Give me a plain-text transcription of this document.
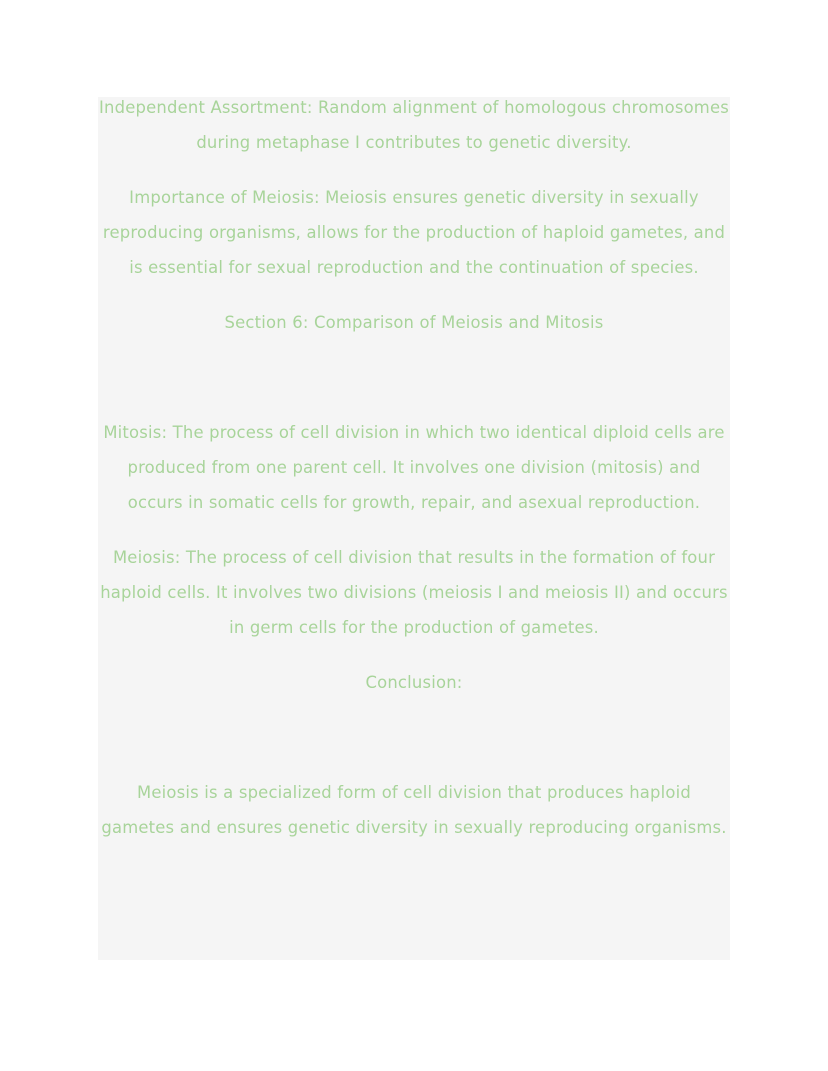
Independent Assortment: Random alignment of homologous chromosomes during metaphase I contributes to genetic diversity.

Importance of Meiosis: Meiosis ensures genetic diversity in sexually reproducing organisms, allows for the production of haploid gametes, and is essential for sexual reproduction and the continuation of species.

Section 6: Comparison of Meiosis and Mitosis

Mitosis: The process of cell division in which two identical diploid cells are produced from one parent cell. It involves one division (mitosis) and occurs in somatic cells for growth, repair, and asexual reproduction.

Meiosis: The process of cell division that results in the formation of four haploid cells. It involves two divisions (meiosis I and meiosis II) and occurs in germ cells for the production of gametes.

Conclusion:

Meiosis is a specialized form of cell division that produces haploid gametes and ensures genetic diversity in sexually reproducing organisms.
